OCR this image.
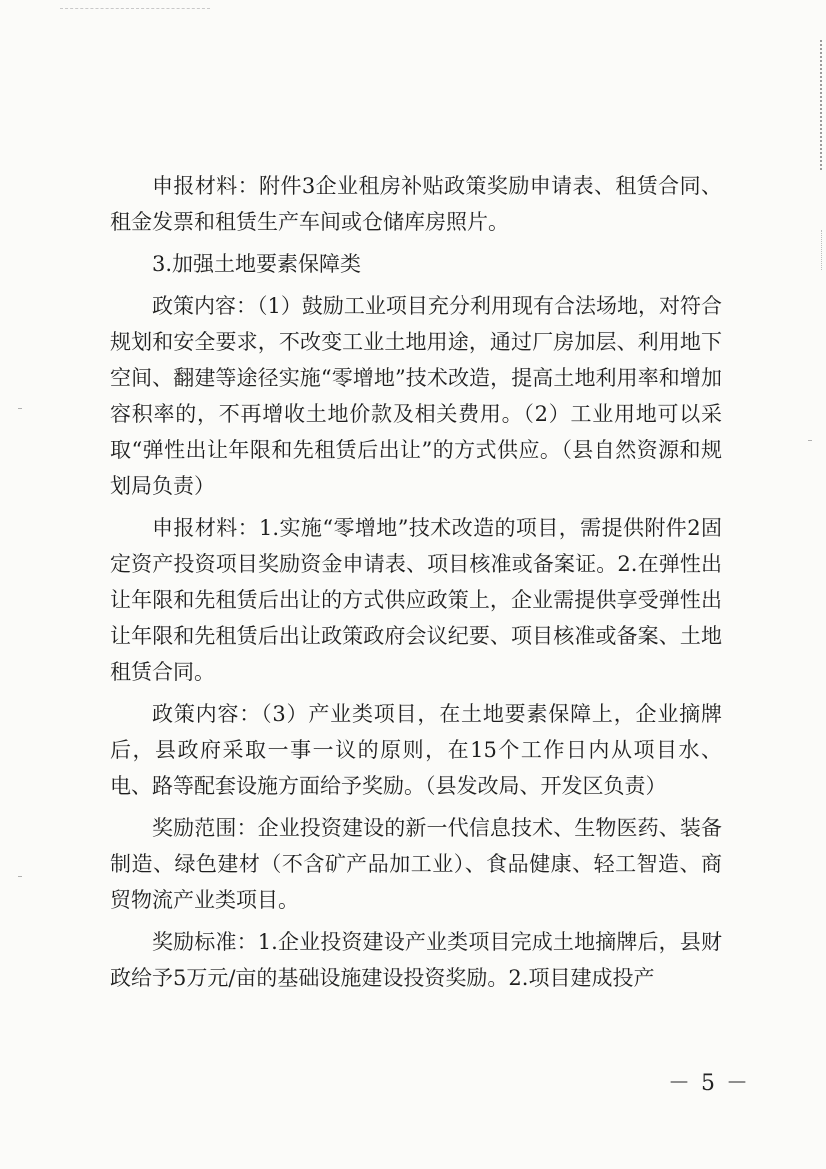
申报材料：附件3企业租房补贴政策奖励申请表、租赁合同、租金发票和租赁生产车间或仓储库房照片。

3.加强土地要素保障类

政策内容：（1）鼓励工业项目充分利用现有合法场地，对符合规划和安全要求，不改变工业土地用途，通过厂房加层、利用地下空间、翻建等途径实施“零增地”技术改造，提高土地利用率和增加容积率的，不再增收土地价款及相关费用。（2）工业用地可以采取“弹性出让年限和先租赁后出让”的方式供应。（县自然资源和规划局负责）

申报材料：1.实施“零增地”技术改造的项目，需提供附件2固定资产投资项目奖励资金申请表、项目核准或备案证。2.在弹性出让年限和先租赁后出让的方式供应政策上，企业需提供享受弹性出让年限和先租赁后出让政策政府会议纪要、项目核准或备案、土地租赁合同。

政策内容：（3）产业类项目，在土地要素保障上，企业摘牌后，县政府采取一事一议的原则，在15个工作日内从项目水、电、路等配套设施方面给予奖励。（县发改局、开发区负责）

奖励范围：企业投资建设的新一代信息技术、生物医药、装备制造、绿色建材（不含矿产品加工业）、食品健康、轻工智造、商贸物流产业类项目。

奖励标准：1.企业投资建设产业类项目完成土地摘牌后，县财政给予5万元/亩的基础设施建设投资奖励。2.项目建成投产

－ 5 －
